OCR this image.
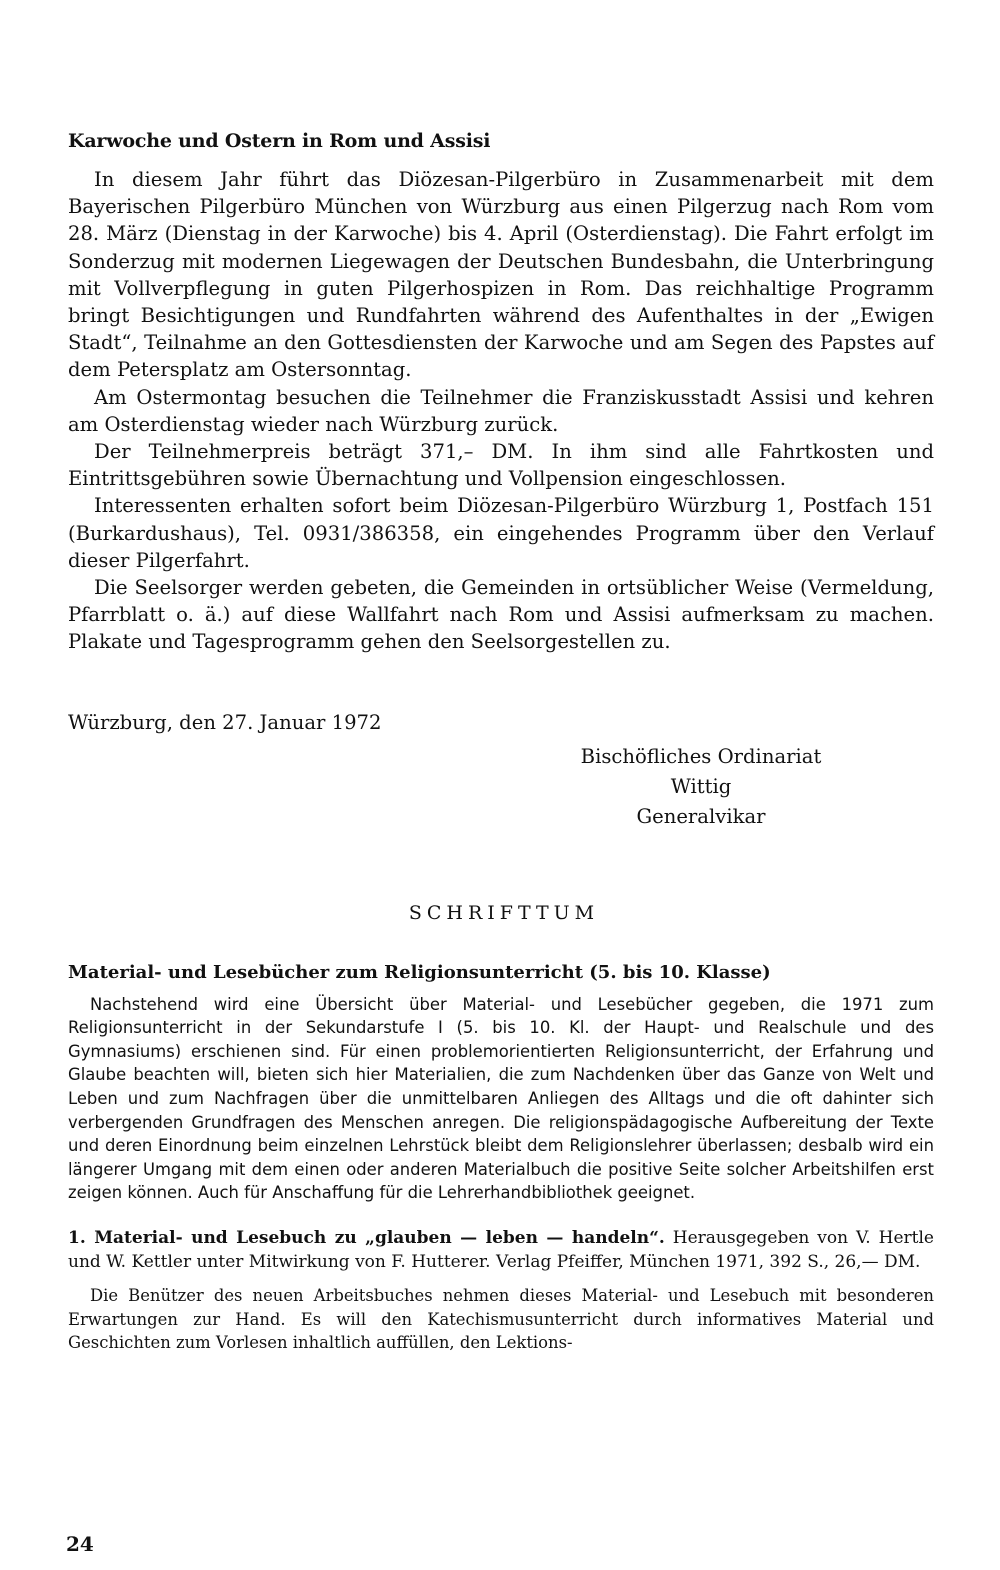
Karwoche und Ostern in Rom und Assisi

In diesem Jahr führt das Diözesan-Pilgerbüro in Zusammenarbeit mit dem Bayerischen Pilgerbüro München von Würzburg aus einen Pilgerzug nach Rom vom 28. März (Dienstag in der Karwoche) bis 4. April (Osterdienstag). Die Fahrt erfolgt im Sonderzug mit modernen Liegewagen der Deutschen Bundesbahn, die Unterbringung mit Vollverpflegung in guten Pilgerhospizen in Rom. Das reichhaltige Programm bringt Besichtigungen und Rundfahrten während des Aufenthaltes in der „Ewigen Stadt“, Teilnahme an den Gottesdiensten der Karwoche und am Segen des Papstes auf dem Petersplatz am Ostersonntag.

Am Ostermontag besuchen die Teilnehmer die Franziskusstadt Assisi und kehren am Osterdienstag wieder nach Würzburg zurück.

Der Teilnehmerpreis beträgt 371,– DM. In ihm sind alle Fahrtkosten und Eintrittsgebühren sowie Übernachtung und Vollpension eingeschlossen.

Interessenten erhalten sofort beim Diözesan-Pilgerbüro Würzburg 1, Postfach 151 (Burkardushaus), Tel. 0931/386358, ein eingehendes Programm über den Verlauf dieser Pilgerfahrt.

Die Seelsorger werden gebeten, die Gemeinden in ortsüblicher Weise (Vermeldung, Pfarrblatt o. ä.) auf diese Wallfahrt nach Rom und Assisi aufmerksam zu machen. Plakate und Tagesprogramm gehen den Seelsorgestellen zu.

Würzburg, den 27. Januar 1972
Bischöfliches Ordinariat
Wittig
Generalvikar
SCHRIFTTUM
Material- und Lesebücher zum Religionsunterricht (5. bis 10. Klasse)

Nachstehend wird eine Übersicht über Material- und Lesebücher gegeben, die 1971 zum Religionsunterricht in der Sekundarstufe I (5. bis 10. Kl. der Haupt- und Realschule und des Gymnasiums) erschienen sind. Für einen problemorientierten Religionsunterricht, der Erfahrung und Glaube beachten will, bieten sich hier Materialien, die zum Nachdenken über das Ganze von Welt und Leben und zum Nachfragen über die unmittelbaren Anliegen des Alltags und die oft dahinter sich verbergenden Grundfragen des Menschen anregen. Die religionspädagogische Aufbereitung der Texte und deren Einordnung beim einzelnen Lehrstück bleibt dem Religionslehrer überlassen; desbalb wird ein längerer Umgang mit dem einen oder anderen Materialbuch die positive Seite solcher Arbeitshilfen erst zeigen können. Auch für Anschaffung für die Lehrerhandbibliothek geeignet.

1. Material- und Lesebuch zu „glauben — leben — handeln“. Herausgegeben von V. Hertle und W. Kettler unter Mitwirkung von F. Hutterer. Verlag Pfeiffer, München 1971, 392 S., 26,— DM.

Die Benützer des neuen Arbeitsbuches nehmen dieses Material- und Lesebuch mit besonderen Erwartungen zur Hand. Es will den Katechismusunterricht durch informatives Material und Geschichten zum Vorlesen inhaltlich auffüllen, den Lektions-

24
